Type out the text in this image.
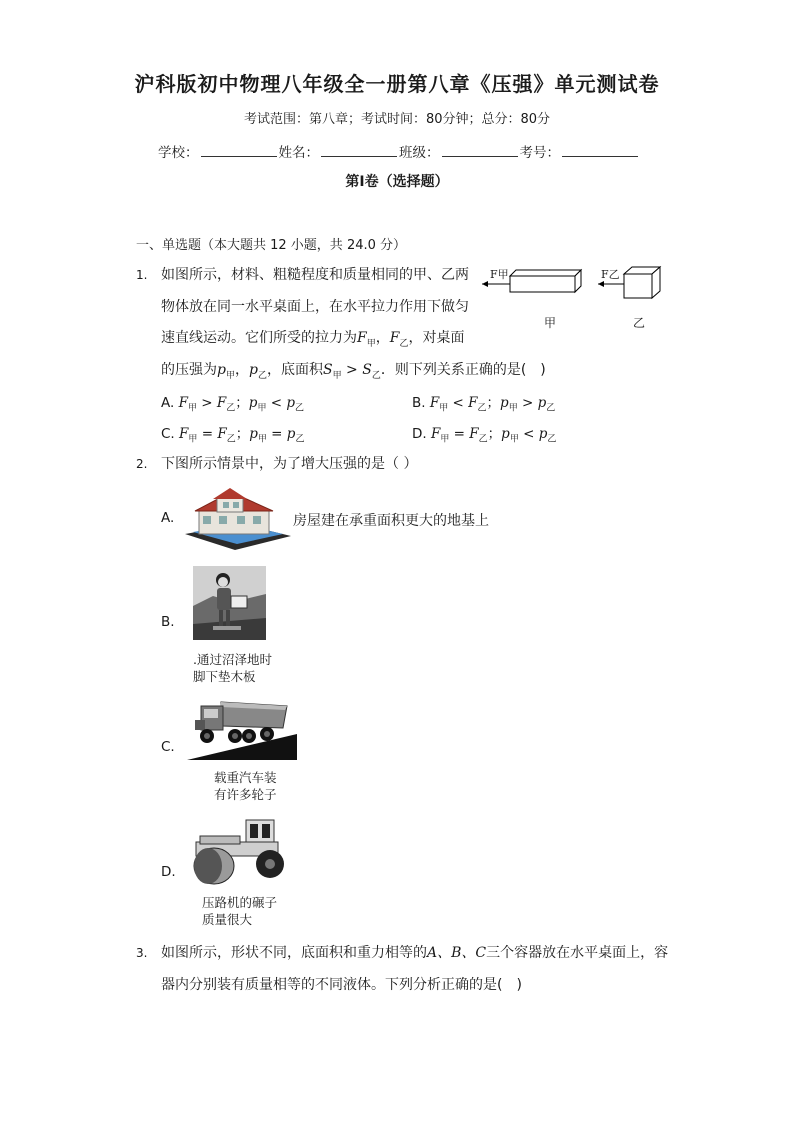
沪科版初中物理八年级全一册第八章《压强》单元测试卷
考试范围：第八章；考试时间：80分钟；总分：80分
学校：	姓名：	班级：	考号：
第I卷（选择题）
一、单选题（本大题共 12 小题，共 24.0 分）
1. 如图所示，材料、粗糙程度和质量相同的甲、乙两
物体放在同一水平桌面上，在水平拉力作用下做匀
速直线运动。它们所受的拉力为$F_甲$，$F_乙$，对桌面
的压强为$p_甲$，$p_乙$，底面积$S_甲 > S_乙$．则下列关系正确的是(　)
F甲	F乙
甲	乙
A. $F_甲 > F_乙$；$p_甲 < p_乙$	B. $F_甲 < F_乙$；$p_甲 > p_乙$
C. $F_甲 = F_乙$；$p_甲 = p_乙$	D. $F_甲 = F_乙$；$p_甲 < p_乙$
2. 下图所示情景中，为了增大压强的是（ ）
A.	房屋建在承重面积更大的地基上
B.
.通过沼泽地时
脚下垫木板
C.
载重汽车装
有许多轮子
D.
压路机的碾子
质量很大
3. 如图所示，形状不同，底面积和重力相等的A、B、C三个容器放在水平桌面上，容
器内分别装有质量相等的不同液体。下列分析正确的是(　)
